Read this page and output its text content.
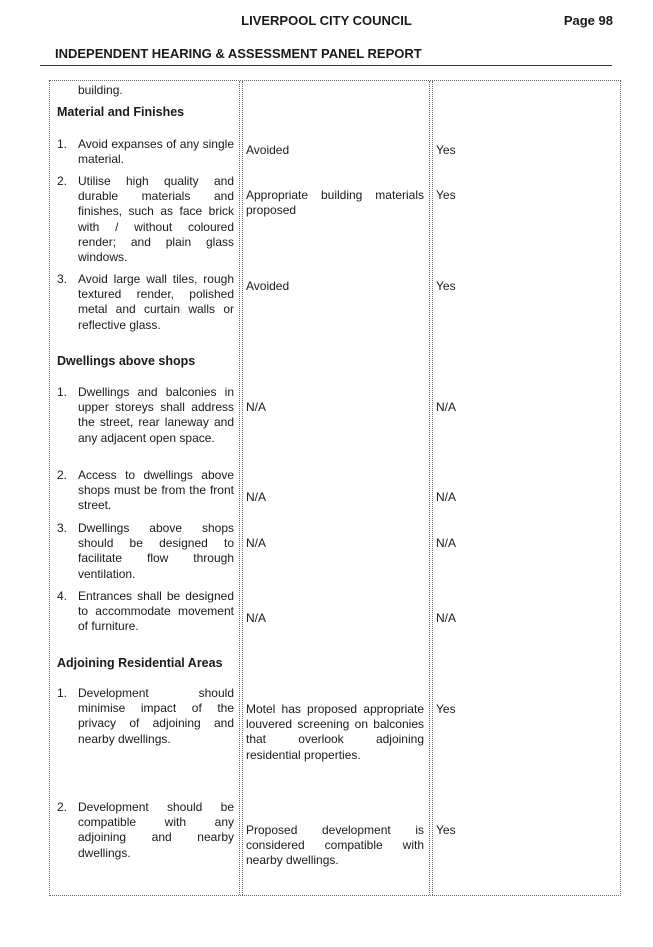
LIVERPOOL CITY COUNCIL	Page 98
INDEPENDENT HEARING & ASSESSMENT PANEL REPORT
building.
Material and Finishes
1. Avoid expanses of any single material.
Avoided	Yes
2. Utilise high quality and durable materials and finishes, such as face brick with / without coloured render; and plain glass windows.
Appropriate building materials proposed
Yes
3. Avoid large wall tiles, rough textured render, polished metal and curtain walls or reflective glass.
Avoided	Yes
Dwellings above shops
1. Dwellings and balconies in upper storeys shall address the street, rear laneway and any adjacent open space.
N/A	N/A
2. Access to dwellings above shops must be from the front street.
N/A	N/A
3. Dwellings above shops should be designed to facilitate flow through ventilation.
N/A	N/A
4. Entrances shall be designed to accommodate movement of furniture.
N/A	N/A
Adjoining Residential Areas
1. Development should minimise impact of the privacy of adjoining and nearby dwellings.
Motel has proposed appropriate louvered screening on balconies that overlook adjoining residential properties.
Yes
2. Development should be compatible with any adjoining and nearby dwellings.
Proposed development is considered compatible with nearby dwellings.
Yes
